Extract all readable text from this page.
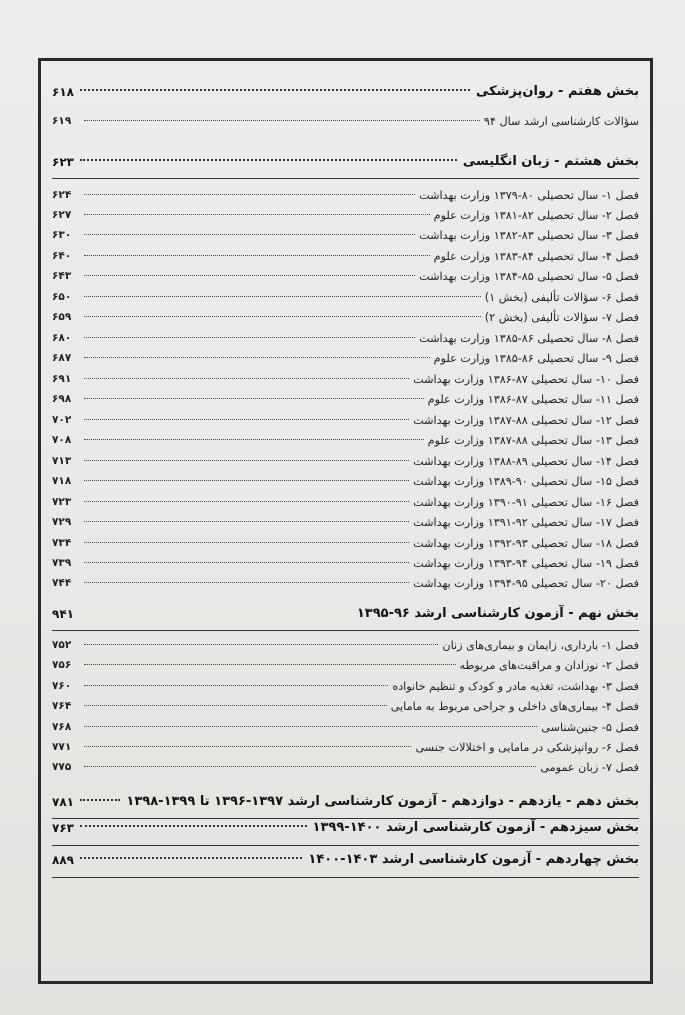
بخش هفتم - روان‌پزشکی
۶۱۸
سؤالات کارشناسی ارشد سال ۹۴
۶۱۹
بخش هشتم - زبان انگلیسی
۶۲۳
فصل ۱- سال تحصیلی ۸۰-۱۳۷۹ وزارت بهداشت
۶۲۴
فصل ۲- سال تحصیلی ۸۲-۱۳۸۱ وزارت علوم
۶۲۷
فصل ۳- سال تحصیلی ۸۳-۱۳۸۲ وزارت بهداشت
۶۳۰
فصل ۴- سال تحصیلی ۸۴-۱۳۸۳ وزارت علوم
۶۴۰
فصل ۵- سال تحصیلی ۸۵-۱۳۸۴ وزارت بهداشت
۶۴۳
فصل ۶- سؤالات تألیفی (بخش ۱)
۶۵۰
فصل ۷- سؤالات تألیفی (بخش ۲)
۶۵۹
فصل ۸- سال تحصیلی ۸۶-۱۳۸۵ وزارت بهداشت
۶۸۰
فصل ۹- سال تحصیلی ۸۶-۱۳۸۵ وزارت علوم
۶۸۷
فصل ۱۰- سال تحصیلی ۸۷-۱۳۸۶ وزارت بهداشت
۶۹۱
فصل ۱۱- سال تحصیلی ۸۷-۱۳۸۶ وزارت علوم
۶۹۸
فصل ۱۲- سال تحصیلی ۸۸-۱۳۸۷ وزارت بهداشت
۷۰۲
فصل ۱۳- سال تحصیلی ۸۸-۱۳۸۷ وزارت علوم
۷۰۸
فصل ۱۴- سال تحصیلی ۸۹-۱۳۸۸ وزارت بهداشت
۷۱۳
فصل ۱۵- سال تحصیلی ۹۰-۱۳۸۹ وزارت بهداشت
۷۱۸
فصل ۱۶- سال تحصیلی ۹۱-۱۳۹۰ وزارت بهداشت
۷۲۳
فصل ۱۷- سال تحصیلی ۹۲-۱۳۹۱ وزارت بهداشت
۷۲۹
فصل ۱۸- سال تحصیلی ۹۳-۱۳۹۲ وزارت بهداشت
۷۳۴
فصل ۱۹- سال تحصیلی ۹۴-۱۳۹۳ وزارت بهداشت
۷۳۹
فصل ۲۰- سال تحصیلی ۹۵-۱۳۹۴ وزارت بهداشت
۷۴۴
بخش نهم - آزمون کارشناسی ارشد ۹۶-۱۳۹۵
۹۴۱
فصل ۱- بارداری، زایمان و بیماری‌های زنان
۷۵۲
فصل ۲- نوزادان و مراقبت‌های مربوطه
۷۵۶
فصل ۳- بهداشت، تغذیه مادر و کودک و تنظیم خانواده
۷۶۰
فصل ۴- بیماری‌های داخلی و جراحی مربوط به مامایی
۷۶۴
فصل ۵- جنین‌شناسی
۷۶۸
فصل ۶- روانپزشکی در مامایی و اختلالات جنسی
۷۷۱
فصل ۷- زبان عمومی
۷۷۵
بخش دهم - یازدهم - دوازدهم - آزمون کارشناسی ارشد ۱۳۹۷-۱۳۹۶ تا ۱۳۹۹-۱۳۹۸
۷۸۱
بخش سیزدهم - آزمون کارشناسی ارشد ۱۴۰۰-۱۳۹۹
۷۶۳
بخش چهاردهم - آزمون کارشناسی ارشد ۱۴۰۳-۱۴۰۰
۸۸۹
